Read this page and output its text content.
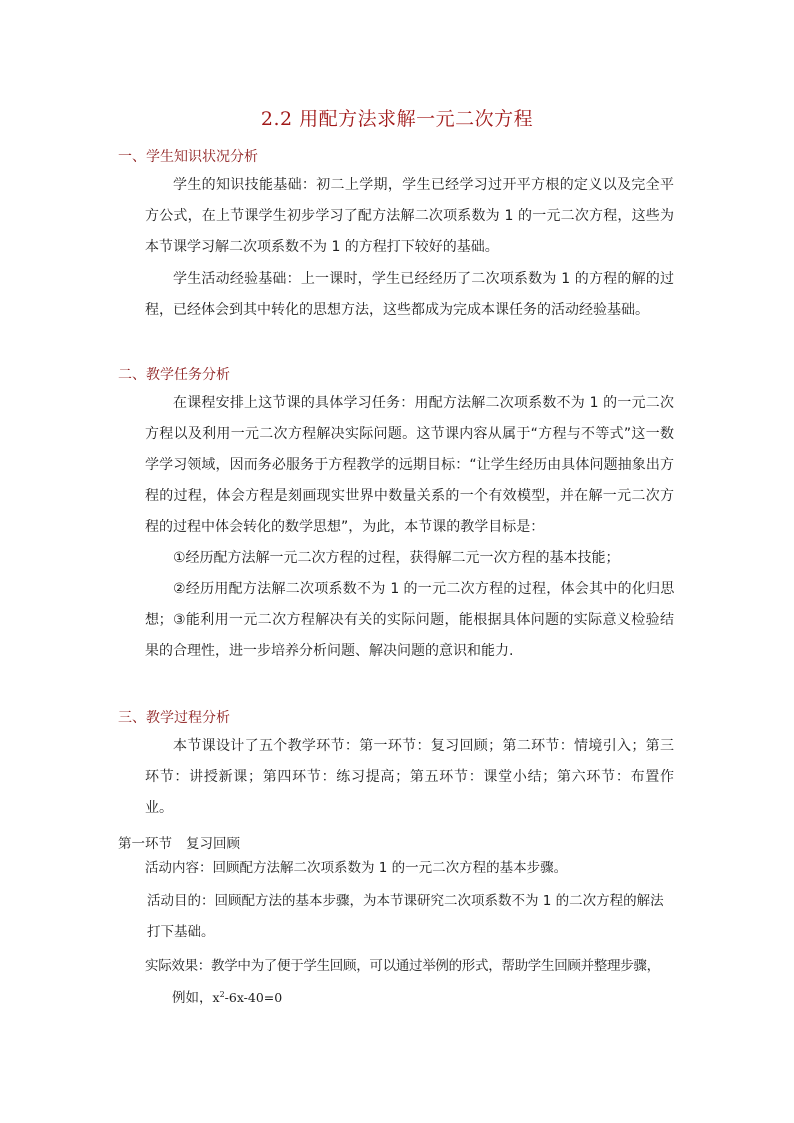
2.2 用配方法求解一元二次方程
一、学生知识状况分析

学生的知识技能基础：初二上学期，学生已经学习过开平方根的定义以及完全平方公式，在上节课学生初步学习了配方法解二次项系数为 1 的一元二次方程，这些为本节课学习解二次项系数不为 1 的方程打下较好的基础。

学生活动经验基础：上一课时，学生已经经历了二次项系数为 1 的方程的解的过程，已经体会到其中转化的思想方法，这些都成为完成本课任务的活动经验基础。

二、教学任务分析

在课程安排上这节课的具体学习任务：用配方法解二次项系数不为 1 的一元二次方程以及利用一元二次方程解决实际问题。这节课内容从属于“方程与不等式”这一数学学习领域，因而务必服务于方程教学的远期目标：“让学生经历由具体问题抽象出方程的过程，体会方程是刻画现实世界中数量关系的一个有效模型，并在解一元二次方程的过程中体会转化的数学思想”，为此，本节课的教学目标是：

①经历配方法解一元二次方程的过程，获得解二元一次方程的基本技能；

②经历用配方法解二次项系数不为 1 的一元二次方程的过程，体会其中的化归思想； ③能利用一元二次方程解决有关的实际问题，能根据具体问题的实际意义检验结果的合理性，进一步培养分析问题、解决问题的意识和能力.

三、教学过程分析

本节课设计了五个教学环节：第一环节：复习回顾；第二环节：情境引入；第三环节：讲授新课；第四环节：练习提高；第五环节：课堂小结；第六环节：布置作业。

第一环节 复习回顾

活动内容：回顾配方法解二次项系数为 1 的一元二次方程的基本步骤。

活动目的：回顾配方法的基本步骤，为本节课研究二次项系数不为 1 的二次方程的解法

打下基础。

实际效果：教学中为了便于学生回顾，可以通过举例的形式，帮助学生回顾并整理步骤，

例如，$x^2-6x-40=0$
